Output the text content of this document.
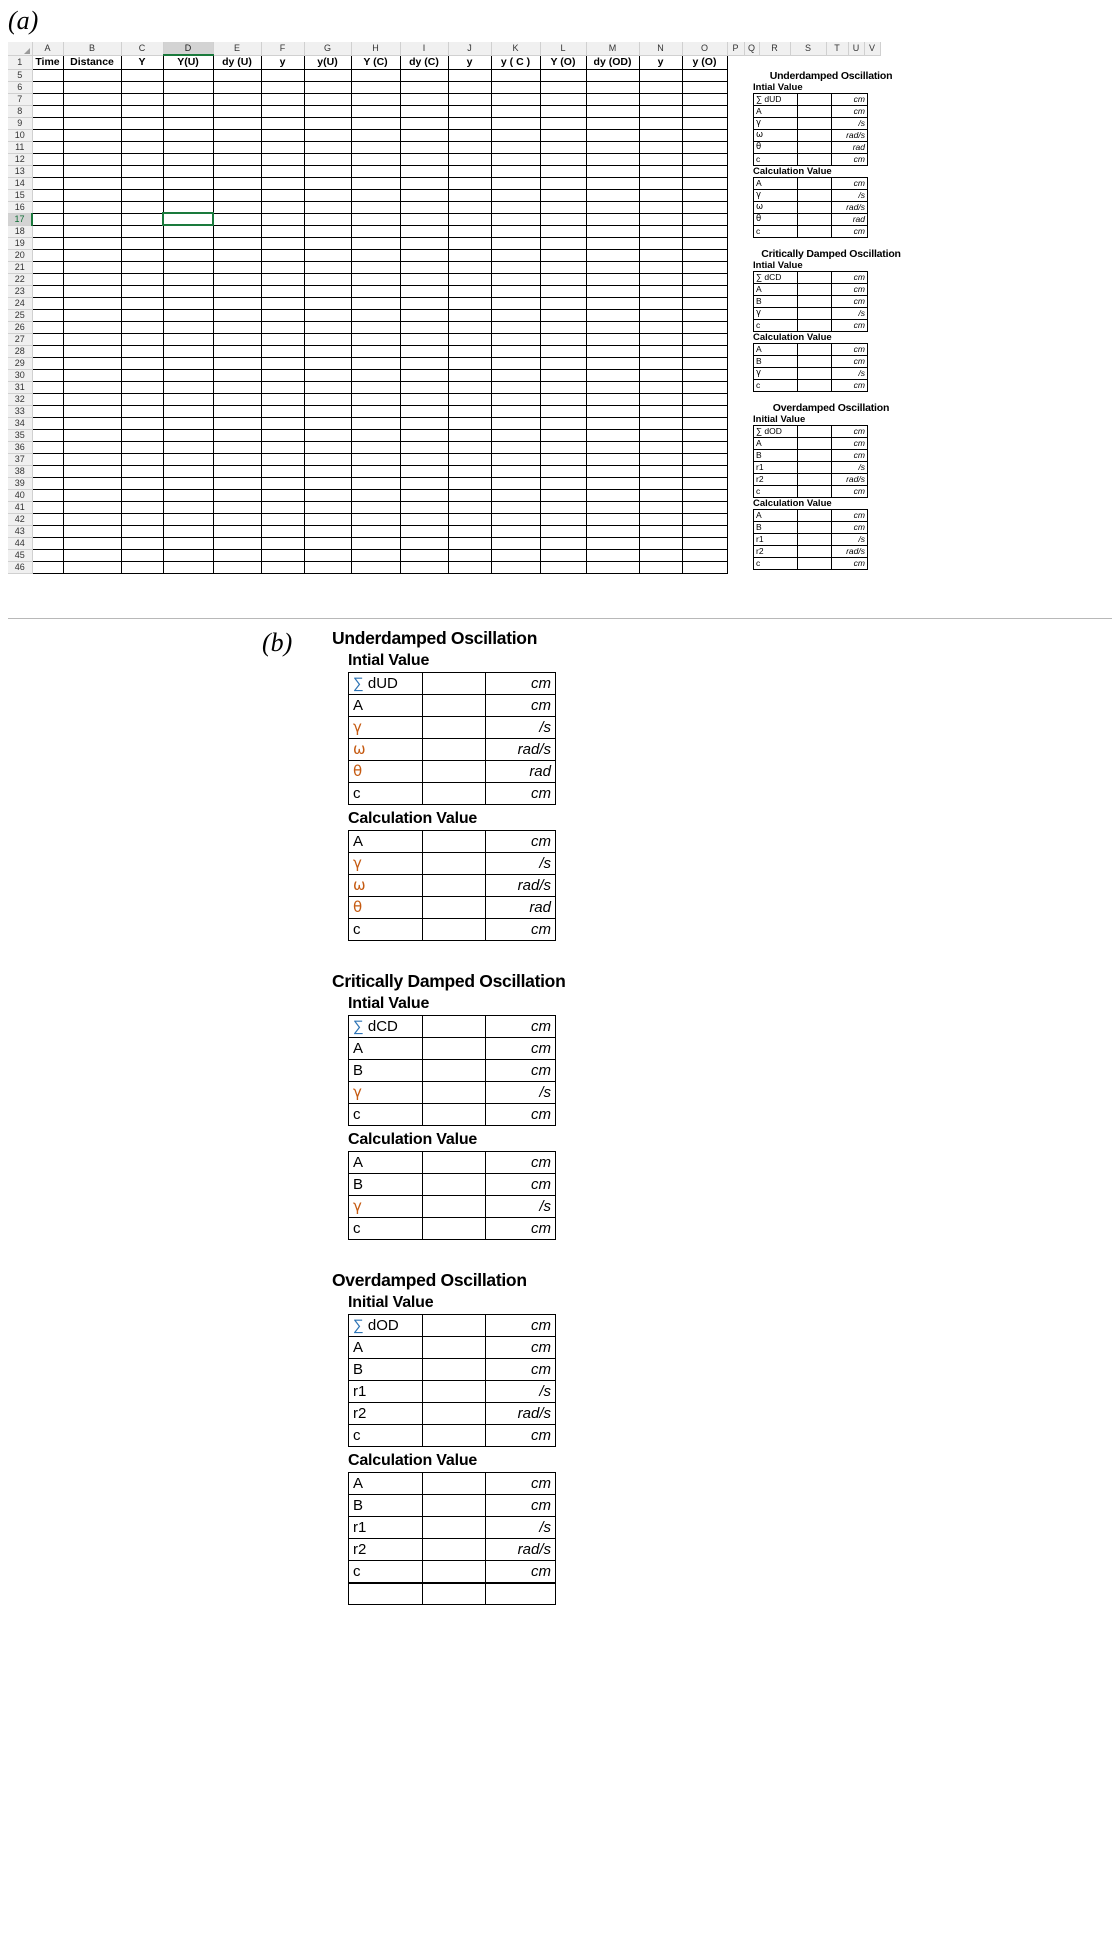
(a)
	A	B	C	D	E	F	G	H	I	J	K	L	M	N	O	P	Q	R	S	T	U	V
1	Time	Distance	Y	Y(U)	dy (U)	y	y(U)	Y (C)	dy (C)	y	y ( C )	Y (O)	dy (OD)	y	y (O)							
5																						
6																						
7																						
8																						
9																						
10																						
11																						
12																						
13																						
14																						
15																						
16																						
17																						
18																						
19																						
20																						
21																						
22																						
23																						
24																						
25																						
26																						
27																						
28																						
29																						
30																						
31																						
32																						
33																						
34																						
35																						
36																						
37																						
38																						
39																						
40																						
41																						
42																						
43																						
44																						
45																						
46																						
Underdamped Oscillation
Intial Value
∑ dUD		cm
A		cm
γ		/s
ω		rad/s
θ		rad
c		cm
Calculation Value
A		cm
γ		/s
ω		rad/s
θ		rad
c		cm
Critically Damped Oscillation
Intial Value
∑ dCD		cm
A		cm
B		cm
γ		/s
c		cm
Calculation Value
A		cm
B		cm
γ		/s
c		cm
Overdamped Oscillation
Initial Value
∑ dOD		cm
A		cm
B		cm
r1		/s
r2		rad/s
c		cm
Calculation Value
A		cm
B		cm
r1		/s
r2		rad/s
c		cm
(b) Underdamped Oscillation
Intial Value
∑ dUD		cm
A		cm
γ		/s
ω		rad/s
θ		rad
c		cm
Calculation Value
A		cm
γ		/s
ω		rad/s
θ		rad
c		cm
Critically Damped Oscillation
Intial Value
∑ dCD		cm
A		cm
B		cm
γ		/s
c		cm
Calculation Value
A		cm
B		cm
γ		/s
c		cm
Overdamped Oscillation
Initial Value
∑ dOD		cm
A		cm
B		cm
r1		/s
r2		rad/s
c		cm
Calculation Value
A		cm
B		cm
r1		/s
r2		rad/s
c		cm
